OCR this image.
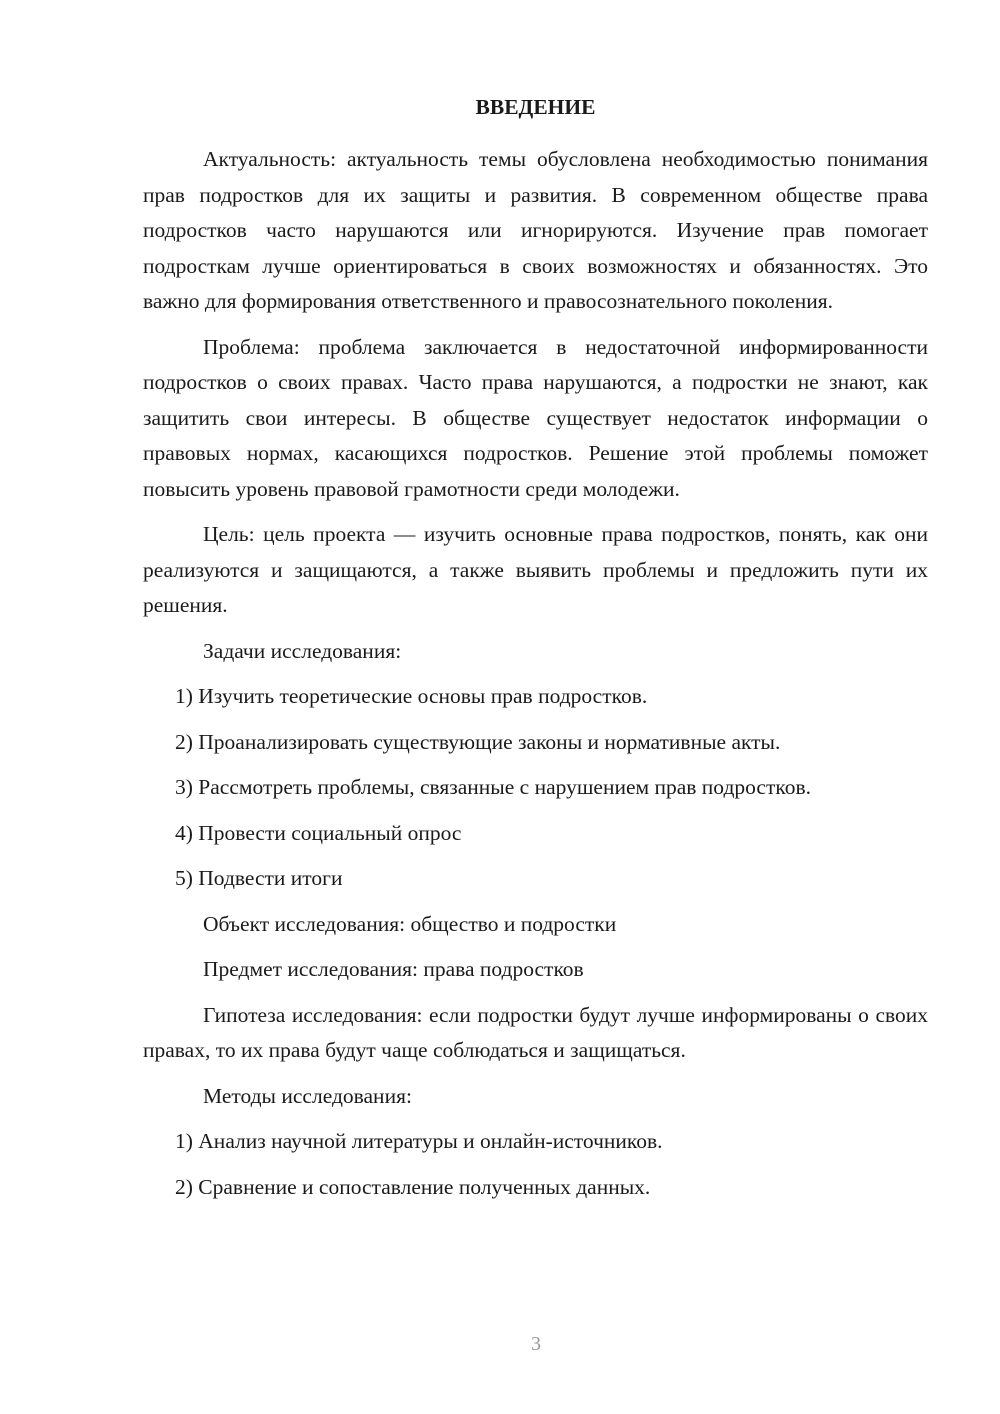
ВВЕДЕНИЕ

Актуальность: актуальность темы обусловлена необходимостью понимания прав подростков для их защиты и развития. В современном обществе права подростков часто нарушаются или игнорируются. Изучение прав помогает подросткам лучше ориентироваться в своих возможностях и обязанностях. Это важно для формирования ответственного и правосознательного поколения.

Проблема: проблема заключается в недостаточной информированности подростков о своих правах. Часто права нарушаются, а подростки не знают, как защитить свои интересы. В обществе существует недостаток информации о правовых нормах, касающихся подростков. Решение этой проблемы поможет повысить уровень правовой грамотности среди молодежи.

Цель: цель проекта — изучить основные права подростков, понять, как они реализуются и защищаются, а также выявить проблемы и предложить пути их решения.

Задачи исследования:
1) Изучить теоретические основы прав подростков.
2) Проанализировать существующие законы и нормативные акты.
3) Рассмотреть проблемы, связанные с нарушением прав подростков.
4) Провести социальный опрос
5) Подвести итоги
Объект исследования: общество и подростки
Предмет исследования: права подростков

Гипотеза исследования: если подростки будут лучше информированы о своих правах, то их права будут чаще соблюдаться и защищаться.

Методы исследования:
1) Анализ научной литературы и онлайн-источников.
2) Сравнение и сопоставление полученных данных.
3
